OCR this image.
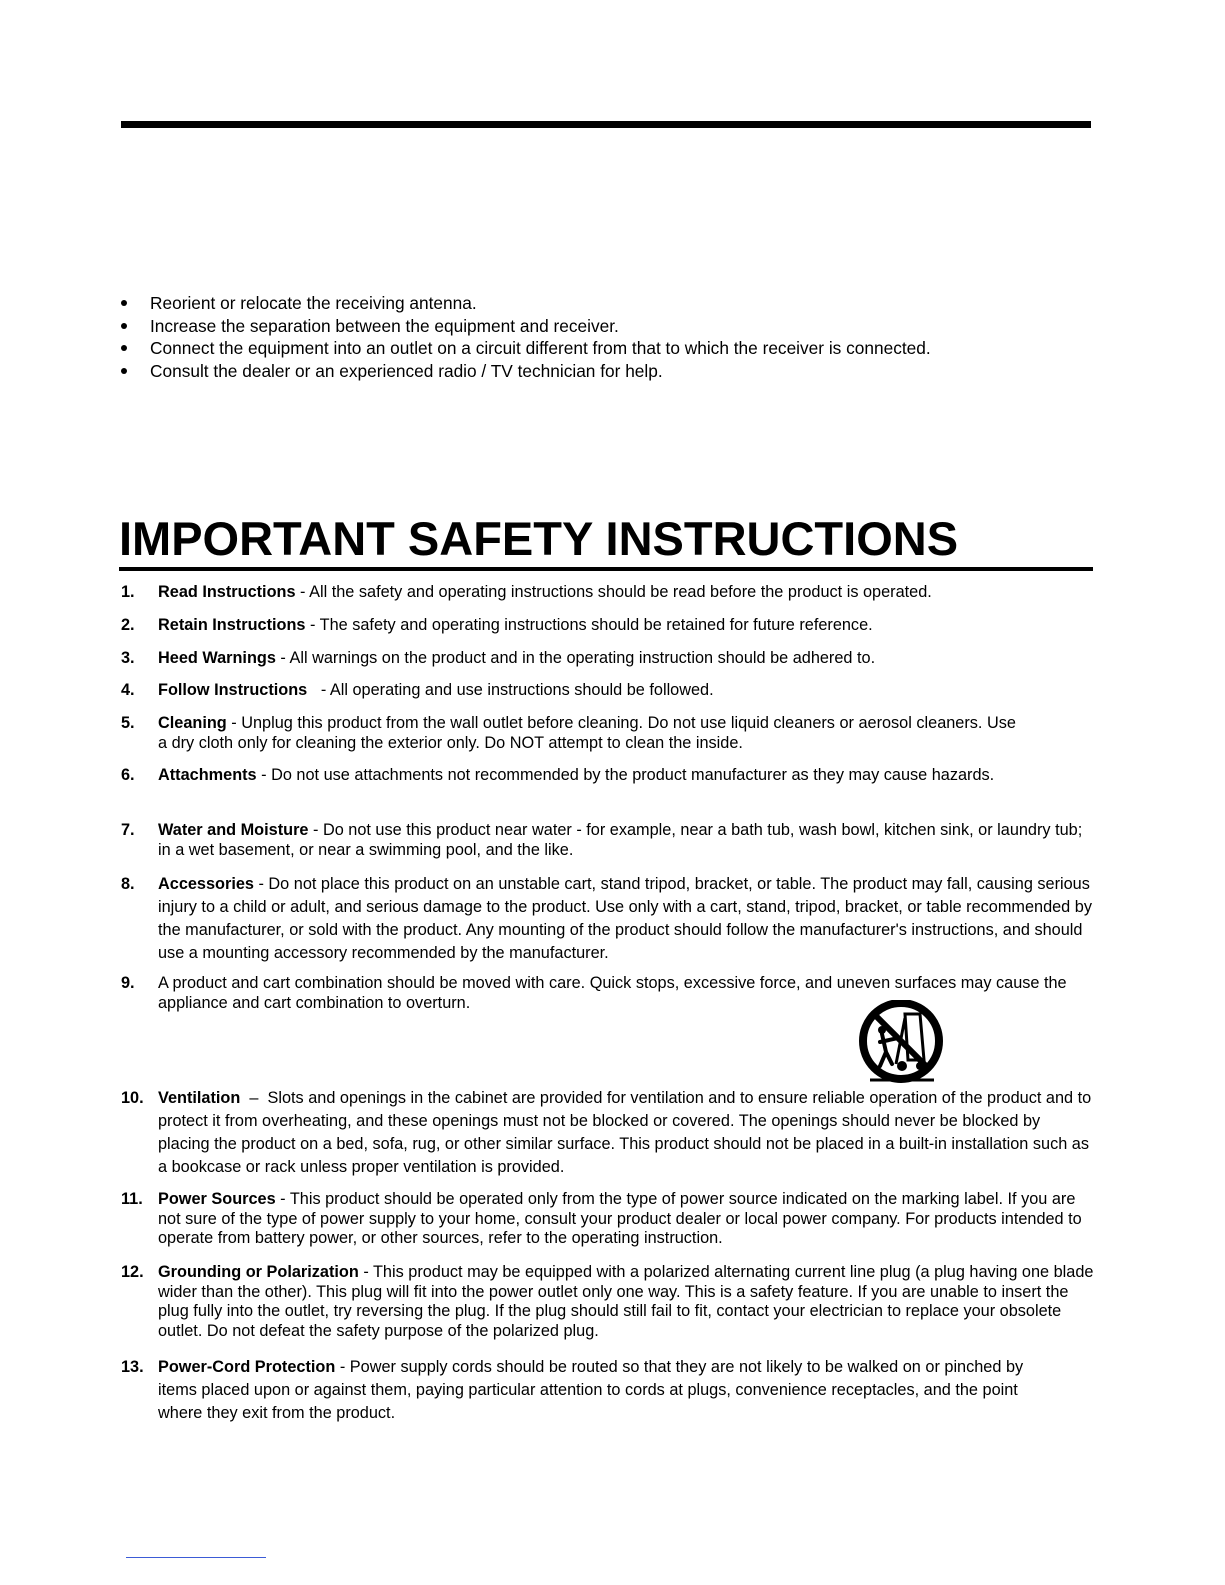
Reorient or relocate the receiving antenna.
Increase the separation between the equipment and receiver.
Connect the equipment into an outlet on a circuit different from that to which the receiver is connected.
Consult the dealer or an experienced radio / TV technician for help.
IMPORTANT SAFETY INSTRUCTIONS
1.	Read Instructions - All the safety and operating instructions should be read before the product is operated.
2.	Retain Instructions - The safety and operating instructions should be retained for future reference.
3.	Heed Warnings - All warnings on the product and in the operating instruction should be adhered to.
4.	Follow Instructions   - All operating and use instructions should be followed.
5.	Cleaning - Unplug this product from the wall outlet before cleaning. Do not use liquid cleaners or aerosol cleaners. Use a dry cloth only for cleaning the exterior only. Do NOT attempt to clean the inside.
6.	Attachments - Do not use attachments not recommended by the product manufacturer as they may cause hazards.
7.	Water and Moisture - Do not use this product near water - for example, near a bath tub, wash bowl, kitchen sink, or laundry tub; in a wet basement, or near a swimming pool, and the like.
8.	Accessories - Do not place this product on an unstable cart, stand tripod, bracket, or table. The product may fall, causing serious injury to a child or adult, and serious damage to the product. Use only with a cart, stand, tripod, bracket, or table recommended by the manufacturer, or sold with the product. Any mounting of the product should follow the manufacturer's instructions, and should use a mounting accessory recommended by the manufacturer.
9.	A product and cart combination should be moved with care. Quick stops, excessive force, and uneven surfaces may cause the appliance and cart combination to overturn.
10. Ventilation  –  Slots and openings in the cabinet are provided for ventilation and to ensure reliable operation of the product and to protect it from overheating, and these openings must not be blocked or covered. The openings should never be blocked by placing the product on a bed, sofa, rug, or other similar surface. This product should not be placed in a built-in installation such as a bookcase or rack unless proper ventilation is provided.
11. Power Sources - This product should be operated only from the type of power source indicated on the marking label. If you are not sure of the type of power supply to your home, consult your product dealer or local power company. For products intended to operate from battery power, or other sources, refer to the operating instruction.
12. Grounding or Polarization - This product may be equipped with a polarized alternating current line plug (a plug having one blade wider than the other). This plug will fit into the power outlet only one way. This is a safety feature. If you are unable to insert the plug fully into the outlet, try reversing the plug. If the plug should still fail to fit, contact your electrician to replace your obsolete outlet. Do not defeat the safety purpose of the polarized plug.
13. Power-Cord Protection - Power supply cords should be routed so that they are not likely to be walked on or pinched by items placed upon or against them, paying particular attention to cords at plugs, convenience receptacles, and the point where they exit from the product.
